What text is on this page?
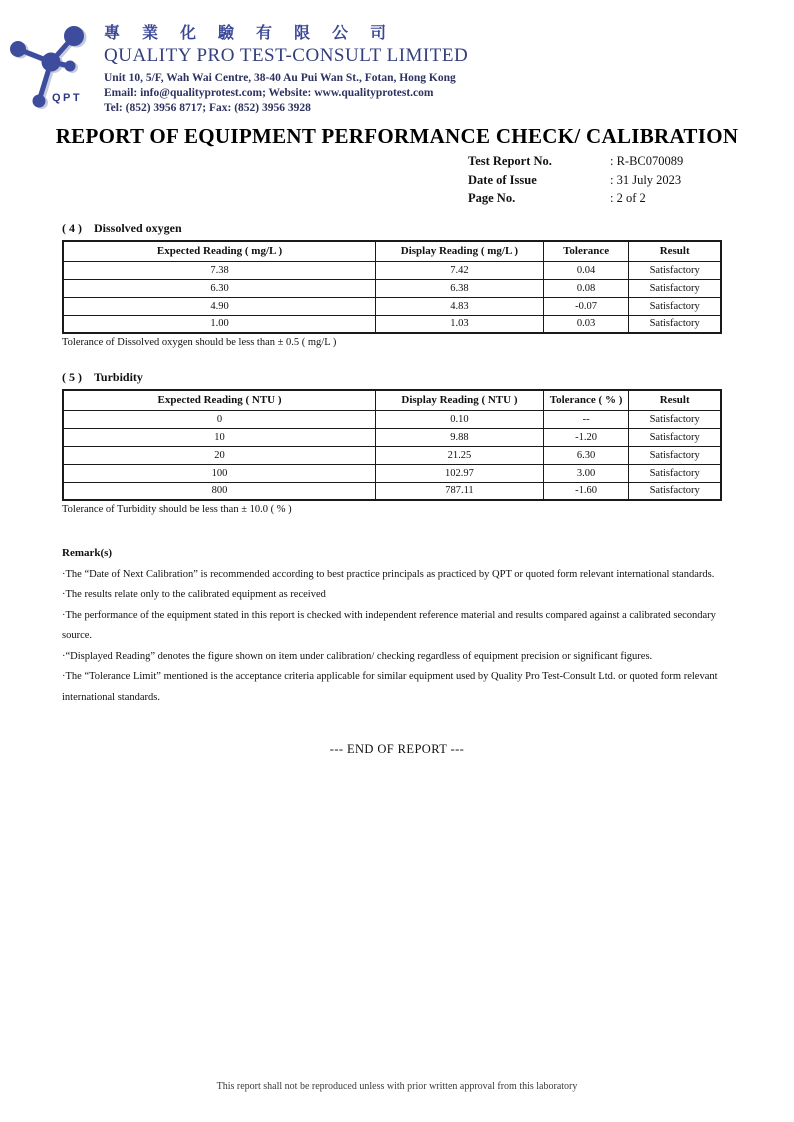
QPT
專 業 化 驗 有 限 公 司
QUALITY PRO TEST-CONSULT LIMITED
Unit 10, 5/F, Wah Wai Centre, 38-40 Au Pui Wan St., Fotan, Hong Kong
Email: info@qualityprotest.com; Website: www.qualityprotest.com
Tel: (852) 3956 8717; Fax: (852) 3956 3928
REPORT OF EQUIPMENT PERFORMANCE CHECK/ CALIBRATION
Test Report No.	: R-BC070089
Date of Issue	: 31 July 2023
Page No.	: 2 of 2
( 4 ) Dissolved oxygen
Expected Reading ( mg/L )	Display Reading ( mg/L )	Tolerance	Result
7.38	7.42	0.04	Satisfactory
6.30	6.38	0.08	Satisfactory
4.90	4.83	-0.07	Satisfactory
1.00	1.03	0.03	Satisfactory
Tolerance of Dissolved oxygen should be less than ± 0.5 ( mg/L )
( 5 ) Turbidity
Expected Reading ( NTU )	Display Reading ( NTU )	Tolerance ( % )	Result
0	0.10	--	Satisfactory
10	9.88	-1.20	Satisfactory
20	21.25	6.30	Satisfactory
100	102.97	3.00	Satisfactory
800	787.11	-1.60	Satisfactory
Tolerance of Turbidity should be less than ± 10.0 ( % )
Remark(s)
·The “Date of Next Calibration” is recommended according to best practice principals as practiced by QPT or quoted form relevant international standards.
·The results relate only to the calibrated equipment as received
·The performance of the equipment stated in this report is checked with independent reference material and results compared against a calibrated secondary source.
·“Displayed Reading” denotes the figure shown on item under calibration/ checking regardless of equipment precision or significant figures.
·The “Tolerance Limit” mentioned is the acceptance criteria applicable for similar equipment used by Quality Pro Test-Consult Ltd. or quoted form relevant international standards.
--- END OF REPORT ---
This report shall not be reproduced unless with prior written approval from this laboratory
